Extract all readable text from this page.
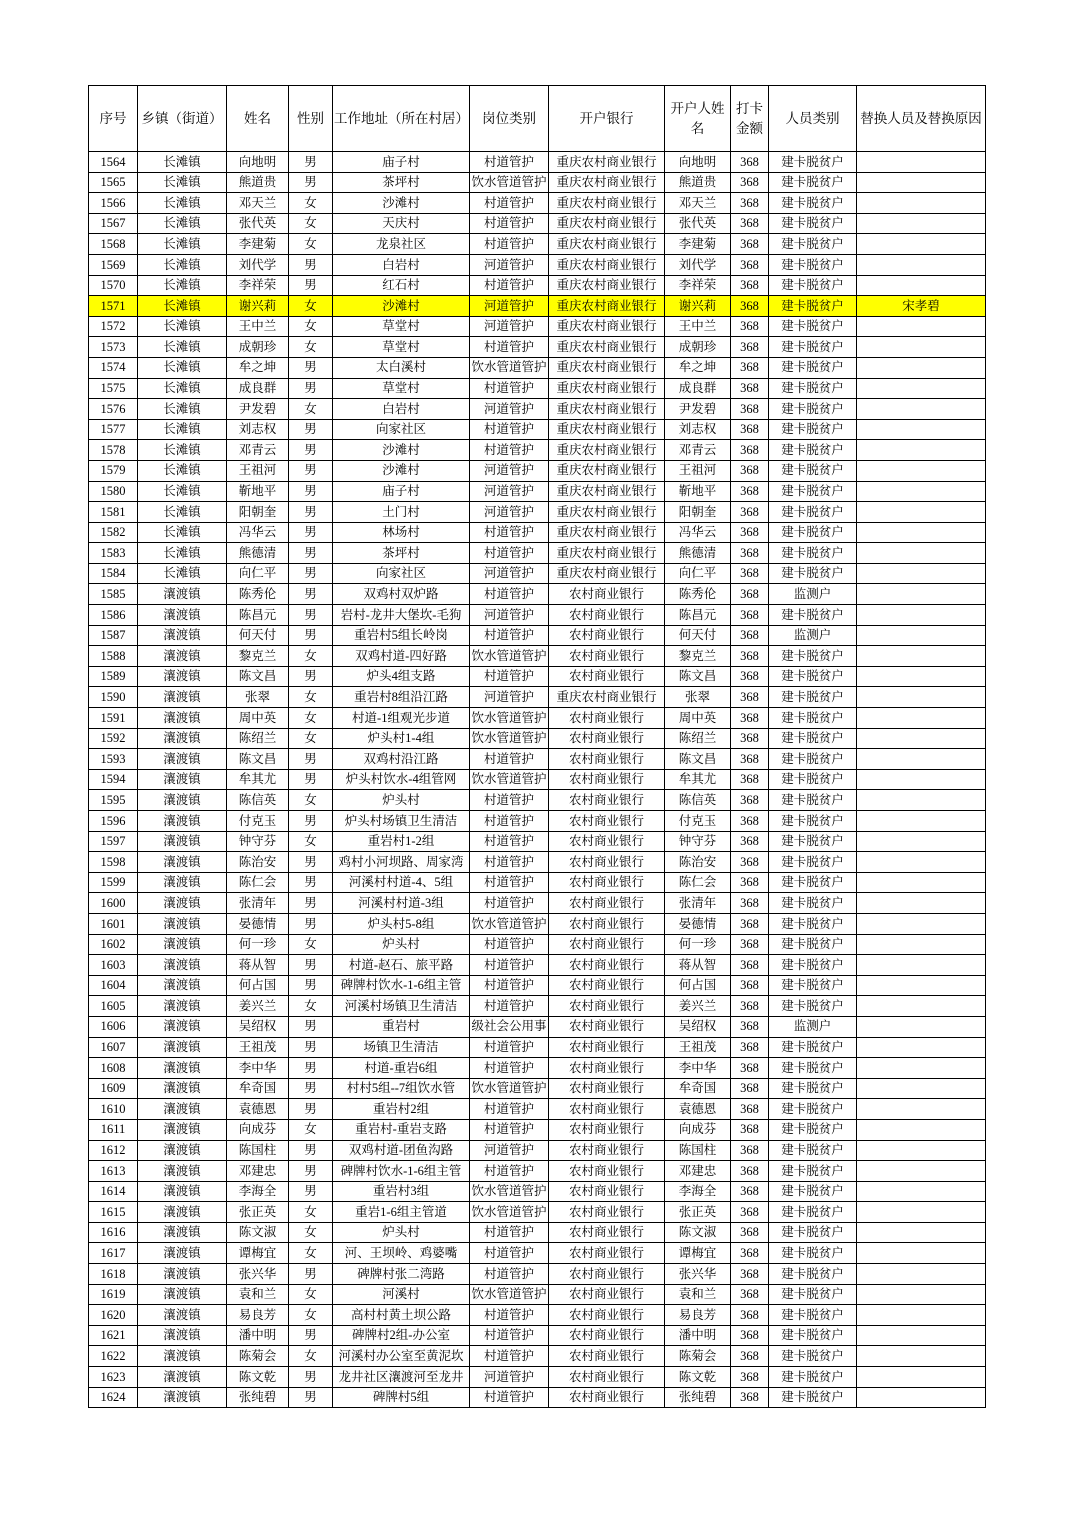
序号	乡镇（街道）	姓名	性别	工作地址（所在村居）	岗位类别	开户银行	开户人姓名	打卡金额	人员类别	替换人员及替换原因
1564	长滩镇	向地明	男	庙子村	村道管护	重庆农村商业银行	向地明	368	建卡脱贫户	
1565	长滩镇	熊道贵	男	茶坪村	饮水管道管护	重庆农村商业银行	熊道贵	368	建卡脱贫户	
1566	长滩镇	邓天兰	女	沙滩村	村道管护	重庆农村商业银行	邓天兰	368	建卡脱贫户	
1567	长滩镇	张代英	女	天庆村	村道管护	重庆农村商业银行	张代英	368	建卡脱贫户	
1568	长滩镇	李建菊	女	龙泉社区	村道管护	重庆农村商业银行	李建菊	368	建卡脱贫户	
1569	长滩镇	刘代学	男	白岩村	河道管护	重庆农村商业银行	刘代学	368	建卡脱贫户	
1570	长滩镇	李祥荣	男	红石村	村道管护	重庆农村商业银行	李祥荣	368	建卡脱贫户	
1571	长滩镇	谢兴莉	女	沙滩村	河道管护	重庆农村商业银行	谢兴莉	368	建卡脱贫户	宋孝碧
1572	长滩镇	王中兰	女	草堂村	河道管护	重庆农村商业银行	王中兰	368	建卡脱贫户	
1573	长滩镇	成朝珍	女	草堂村	村道管护	重庆农村商业银行	成朝珍	368	建卡脱贫户	
1574	长滩镇	牟之坤	男	太白溪村	饮水管道管护	重庆农村商业银行	牟之坤	368	建卡脱贫户	
1575	长滩镇	成良群	男	草堂村	村道管护	重庆农村商业银行	成良群	368	建卡脱贫户	
1576	长滩镇	尹发碧	女	白岩村	河道管护	重庆农村商业银行	尹发碧	368	建卡脱贫户	
1577	长滩镇	刘志权	男	向家社区	村道管护	重庆农村商业银行	刘志权	368	建卡脱贫户	
1578	长滩镇	邓青云	男	沙滩村	村道管护	重庆农村商业银行	邓青云	368	建卡脱贫户	
1579	长滩镇	王祖河	男	沙滩村	河道管护	重庆农村商业银行	王祖河	368	建卡脱贫户	
1580	长滩镇	靳地平	男	庙子村	河道管护	重庆农村商业银行	靳地平	368	建卡脱贫户	
1581	长滩镇	阳朝奎	男	土门村	河道管护	重庆农村商业银行	阳朝奎	368	建卡脱贫户	
1582	长滩镇	冯华云	男	林场村	村道管护	重庆农村商业银行	冯华云	368	建卡脱贫户	
1583	长滩镇	熊德清	男	茶坪村	村道管护	重庆农村商业银行	熊德清	368	建卡脱贫户	
1584	长滩镇	向仁平	男	向家社区	河道管护	重庆农村商业银行	向仁平	368	建卡脱贫户	
1585	瀼渡镇	陈秀伦	男	双鸡村双炉路	村道管护	农村商业银行	陈秀伦	368	监测户	
1586	瀼渡镇	陈昌元	男	岩村-龙井大堡坎-毛狗	河道管护	农村商业银行	陈昌元	368	建卡脱贫户	
1587	瀼渡镇	何天付	男	重岩村5组长岭岗	村道管护	农村商业银行	何天付	368	监测户	
1588	瀼渡镇	黎克兰	女	双鸡村道-四好路	饮水管道管护	农村商业银行	黎克兰	368	建卡脱贫户	
1589	瀼渡镇	陈文昌	男	炉头4组支路	村道管护	农村商业银行	陈文昌	368	建卡脱贫户	
1590	瀼渡镇	张翠	女	重岩村8组沿江路	河道管护	重庆农村商业银行	张翠	368	建卡脱贫户	
1591	瀼渡镇	周中英	女	村道-1组观光步道	饮水管道管护	农村商业银行	周中英	368	建卡脱贫户	
1592	瀼渡镇	陈绍兰	女	炉头村1-4组	饮水管道管护	农村商业银行	陈绍兰	368	建卡脱贫户	
1593	瀼渡镇	陈文昌	男	双鸡村沿江路	村道管护	农村商业银行	陈文昌	368	建卡脱贫户	
1594	瀼渡镇	牟其尤	男	炉头村饮水-4组管网	饮水管道管护	农村商业银行	牟其尤	368	建卡脱贫户	
1595	瀼渡镇	陈信英	女	炉头村	村道管护	农村商业银行	陈信英	368	建卡脱贫户	
1596	瀼渡镇	付克玉	男	炉头村场镇卫生清洁	村道管护	农村商业银行	付克玉	368	建卡脱贫户	
1597	瀼渡镇	钟守芬	女	重岩村1-2组	村道管护	农村商业银行	钟守芬	368	建卡脱贫户	
1598	瀼渡镇	陈治安	男	鸡村小河坝路、周家湾	村道管护	农村商业银行	陈治安	368	建卡脱贫户	
1599	瀼渡镇	陈仁会	男	河溪村村道-4、5组	村道管护	农村商业银行	陈仁会	368	建卡脱贫户	
1600	瀼渡镇	张清年	男	河溪村村道-3组	村道管护	农村商业银行	张清年	368	建卡脱贫户	
1601	瀼渡镇	晏德情	男	炉头村5-8组	饮水管道管护	农村商业银行	晏德情	368	建卡脱贫户	
1602	瀼渡镇	何一珍	女	炉头村	村道管护	农村商业银行	何一珍	368	建卡脱贫户	
1603	瀼渡镇	蒋从智	男	村道-赵石、旅平路	村道管护	农村商业银行	蒋从智	368	建卡脱贫户	
1604	瀼渡镇	何占国	男	碑牌村饮水-1-6组主管	村道管护	农村商业银行	何占国	368	建卡脱贫户	
1605	瀼渡镇	姜兴兰	女	河溪村场镇卫生清洁	村道管护	农村商业银行	姜兴兰	368	建卡脱贫户	
1606	瀼渡镇	吴绍权	男	重岩村	级社会公用事	农村商业银行	吴绍权	368	监测户	
1607	瀼渡镇	王祖茂	男	场镇卫生清洁	村道管护	农村商业银行	王祖茂	368	建卡脱贫户	
1608	瀼渡镇	李中华	男	村道-重岩6组	村道管护	农村商业银行	李中华	368	建卡脱贫户	
1609	瀼渡镇	牟奇国	男	村村5组--7组饮水管	饮水管道管护	农村商业银行	牟奇国	368	建卡脱贫户	
1610	瀼渡镇	袁德恩	男	重岩村2组	村道管护	农村商业银行	袁德恩	368	建卡脱贫户	
1611	瀼渡镇	向成芬	女	重岩村-重岩支路	村道管护	农村商业银行	向成芬	368	建卡脱贫户	
1612	瀼渡镇	陈国柱	男	双鸡村道-团鱼沟路	河道管护	农村商业银行	陈国柱	368	建卡脱贫户	
1613	瀼渡镇	邓建忠	男	碑牌村饮水-1-6组主管	村道管护	农村商业银行	邓建忠	368	建卡脱贫户	
1614	瀼渡镇	李海全	男	重岩村3组	饮水管道管护	农村商业银行	李海全	368	建卡脱贫户	
1615	瀼渡镇	张正英	女	重岩1-6组主管道	饮水管道管护	农村商业银行	张正英	368	建卡脱贫户	
1616	瀼渡镇	陈文淑	女	炉头村	村道管护	农村商业银行	陈文淑	368	建卡脱贫户	
1617	瀼渡镇	谭梅宜	女	河、王坝岭、鸡婆嘴	村道管护	农村商业银行	谭梅宜	368	建卡脱贫户	
1618	瀼渡镇	张兴华	男	碑牌村张二湾路	村道管护	农村商业银行	张兴华	368	建卡脱贫户	
1619	瀼渡镇	袁和兰	女	河溪村	饮水管道管护	农村商业银行	袁和兰	368	建卡脱贫户	
1620	瀼渡镇	易良芳	女	高村村黄土坝公路	村道管护	农村商业银行	易良芳	368	建卡脱贫户	
1621	瀼渡镇	潘中明	男	碑牌村2组-办公室	村道管护	农村商业银行	潘中明	368	建卡脱贫户	
1622	瀼渡镇	陈菊会	女	河溪村办公室至黄泥坎	村道管护	农村商业银行	陈菊会	368	建卡脱贫户	
1623	瀼渡镇	陈文乾	男	龙井社区瀼渡河至龙井	河道管护	农村商业银行	陈文乾	368	建卡脱贫户	
1624	瀼渡镇	张纯碧	男	碑牌村5组	村道管护	农村商业银行	张纯碧	368	建卡脱贫户	
